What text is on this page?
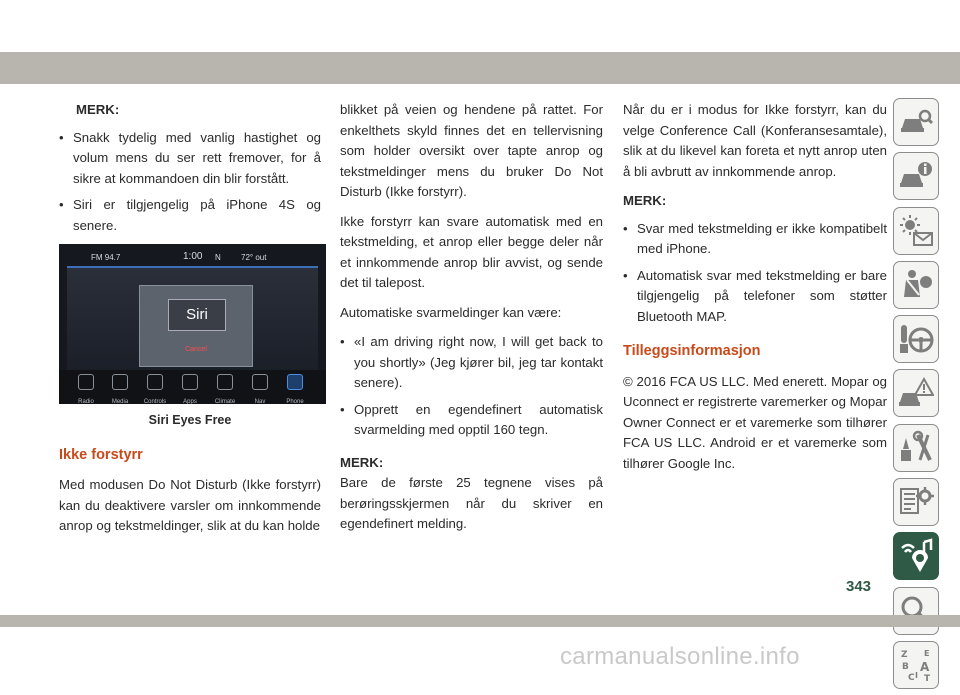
MERK:
• Snakk tydelig med vanlig hastighet og volum mens du ser rett fremover, for å sikre at kommandoen din blir forstått.
• Siri er tilgjengelig på iPhone 4S og senere.
FM 94.7	1:00 N	72° out
Siri
Cancel
Radio	Media	Controls	Apps	Climate	Nav	Phone
Siri Eyes Free
Ikke forstyrr

Med modusen Do Not Disturb (Ikke forstyrr) kan du deaktivere varsler om innkommende anrop og tekstmeldinger, slik at du kan holde

blikket på veien og hendene på rattet. For enkelthets skyld finnes det en tellervisning som holder oversikt over tapte anrop og tekstmeldinger mens du bruker Do Not Disturb (Ikke forstyrr).

Ikke forstyrr kan svare automatisk med en tekstmelding, et anrop eller begge deler når et innkommende anrop blir avvist, og sende det til talepost.

Automatiske svarmeldinger kan være:

• «I am driving right now, I will get back to you shortly» (Jeg kjører bil, jeg tar kontakt senere).
• Opprett en egendefinert automatisk svarmelding med opptil 160 tegn.
MERK:

Bare de første 25 tegnene vises på berøringsskjermen når du skriver en egendefinert melding.

Når du er i modus for Ikke forstyrr, kan du velge Conference Call (Konferansesamtale), slik at du likevel kan foreta et nytt anrop uten å bli avbrutt av innkommende anrop.

MERK:
• Svar med tekstmelding er ikke kompatibelt med iPhone.
• Automatisk svar med tekstmelding er bare tilgjengelig på telefoner som støtter Bluetooth MAP.
Tilleggsinformasjon

© 2016 FCA US LLC. Med enerett. Mopar og Uconnect er registrerte varemerker og Mopar Owner Connect er et varemerke som tilhører FCA US LLC. Android er et varemerke som tilhører Google Inc.

Z E
B A
C I T
343
carmanualsonline.info
